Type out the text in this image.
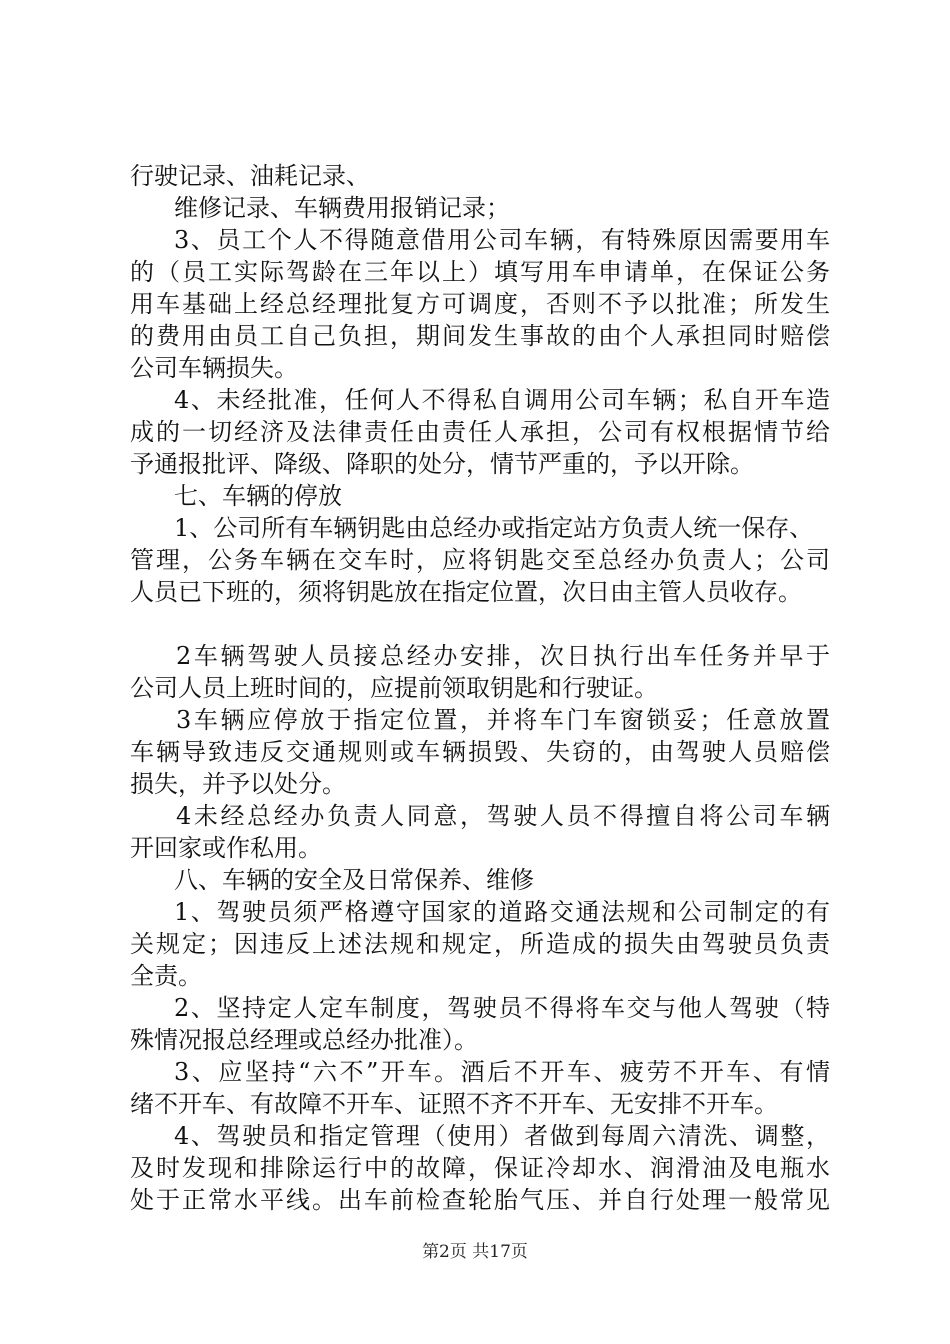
行驶记录、油耗记录、
维修记录、车辆费用报销记录；
3、员工个人不得随意借用公司车辆，有特殊原因需要用车
的（员工实际驾龄在三年以上）填写用车申请单，在保证公务
用车基础上经总经理批复方可调度，否则不予以批准；所发生
的费用由员工自己负担，期间发生事故的由个人承担同时赔偿
公司车辆损失。
4、未经批准，任何人不得私自调用公司车辆；私自开车造
成的一切经济及法律责任由责任人承担，公司有权根据情节给
予通报批评、降级、降职的处分，情节严重的，予以开除。
七、车辆的停放
1、公司所有车辆钥匙由总经办或指定站方负责人统一保存、
管理，公务车辆在交车时，应将钥匙交至总经办负责人；公司
人员已下班的，须将钥匙放在指定位置，次日由主管人员收存。
2车辆驾驶人员接总经办安排，次日执行出车任务并早于
公司人员上班时间的，应提前领取钥匙和行驶证。
3车辆应停放于指定位置，并将车门车窗锁妥；任意放置
车辆导致违反交通规则或车辆损毁、失窃的，由驾驶人员赔偿
损失，并予以处分。
4未经总经办负责人同意，驾驶人员不得擅自将公司车辆
开回家或作私用。
八、车辆的安全及日常保养、维修
1、驾驶员须严格遵守国家的道路交通法规和公司制定的有
关规定；因违反上述法规和规定，所造成的损失由驾驶员负责
全责。
2、坚持定人定车制度，驾驶员不得将车交与他人驾驶（特
殊情况报总经理或总经办批准）。
3、应坚持“六不”开车。酒后不开车、疲劳不开车、有情
绪不开车、有故障不开车、证照不齐不开车、无安排不开车。
4、驾驶员和指定管理（使用）者做到每周六清洗、调整，
及时发现和排除运行中的故障，保证冷却水、润滑油及电瓶水
处于正常水平线。出车前检查轮胎气压、并自行处理一般常见
第2页 共17页
